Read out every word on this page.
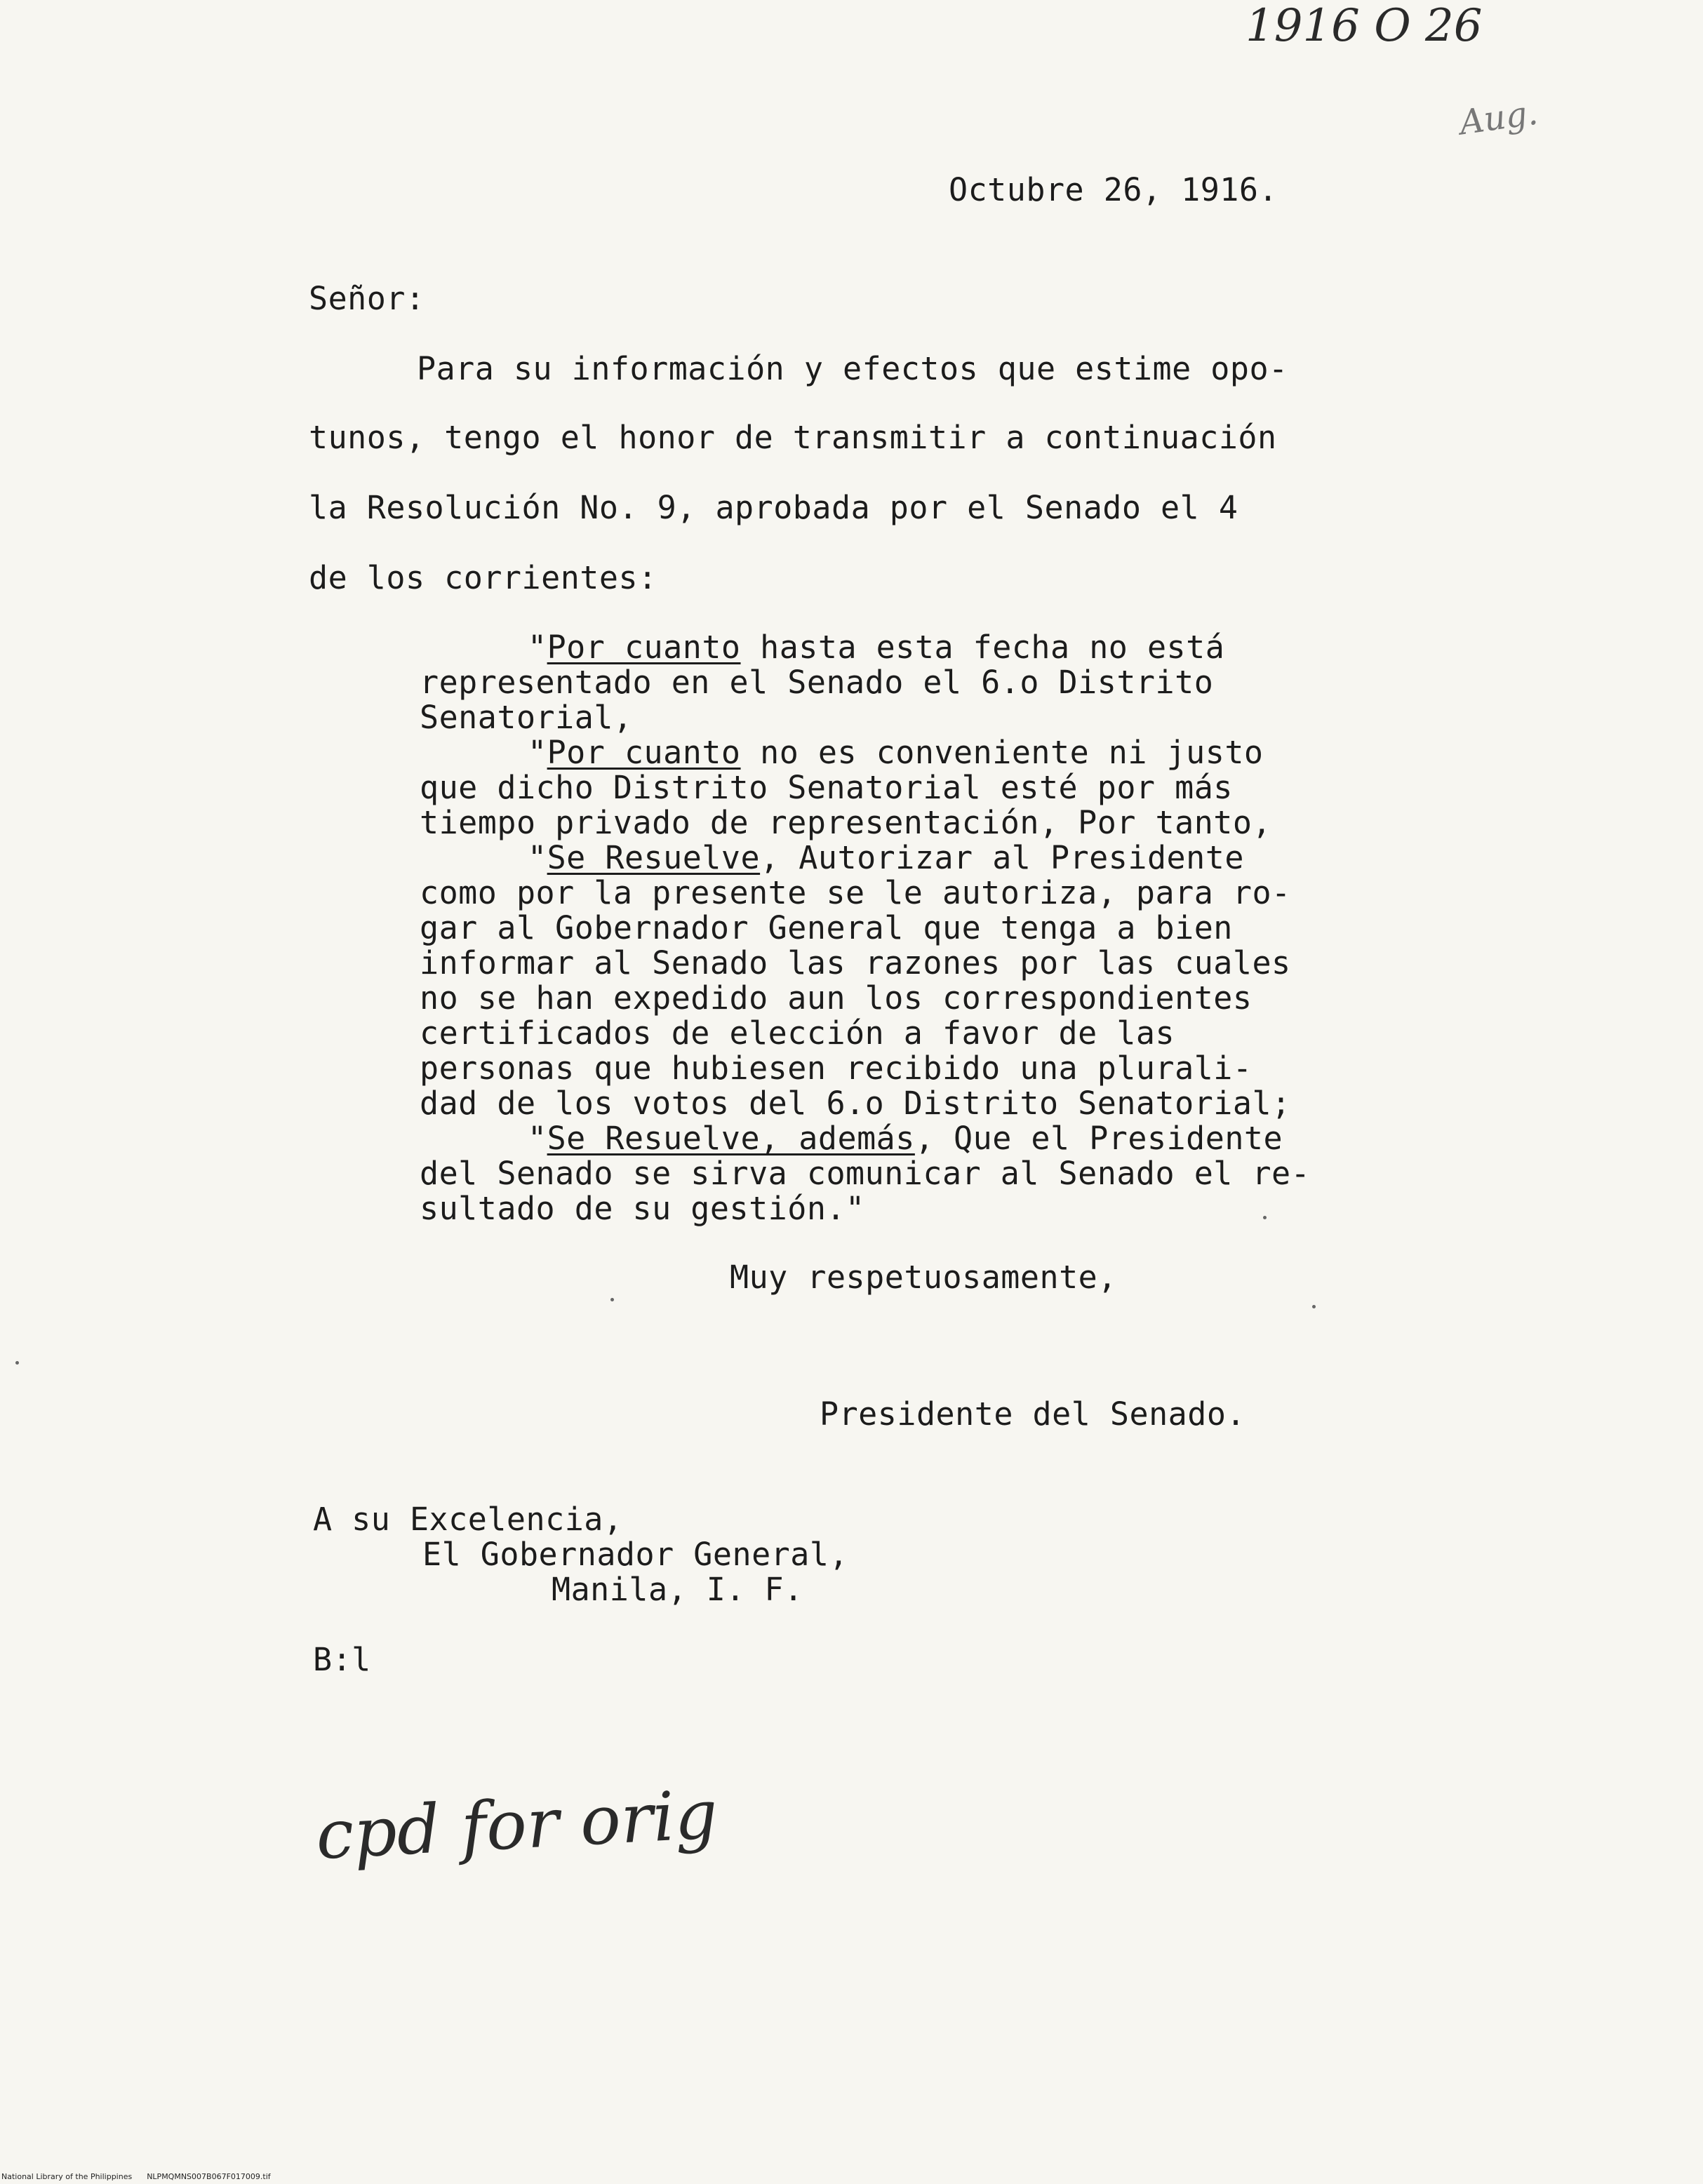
1916 O 26
Aug.
Octubre 26, 1916.
Señor:
Para su información y efectos que estime opo-
tunos, tengo el honor de transmitir a continuación
la Resolución No. 9, aprobada por el Senado el 4
de los corrientes:
"Por cuanto hasta esta fecha no está
representado en el Senado el 6.o Distrito
Senatorial,
"Por cuanto no es conveniente ni justo
que dicho Distrito Senatorial esté por más
tiempo privado de representación, Por tanto,
"Se Resuelve, Autorizar al Presidente
como por la presente se le autoriza, para ro-
gar al Gobernador General que tenga a bien
informar al Senado las razones por las cuales
no se han expedido aun los correspondientes
certificados de elección a favor de las
personas que hubiesen recibido una plurali-
dad de los votos del 6.o Distrito Senatorial;
"Se Resuelve, además, Que el Presidente
del Senado se sirva comunicar al Senado el re-
sultado de su gestión."
Muy respetuosamente,
Presidente del Senado.
A su Excelencia,
El Gobernador General,
Manila, I. F.
B:l
cpd for orig
National Library of the Philippines NLPMQMNS007B067F017009.tif
